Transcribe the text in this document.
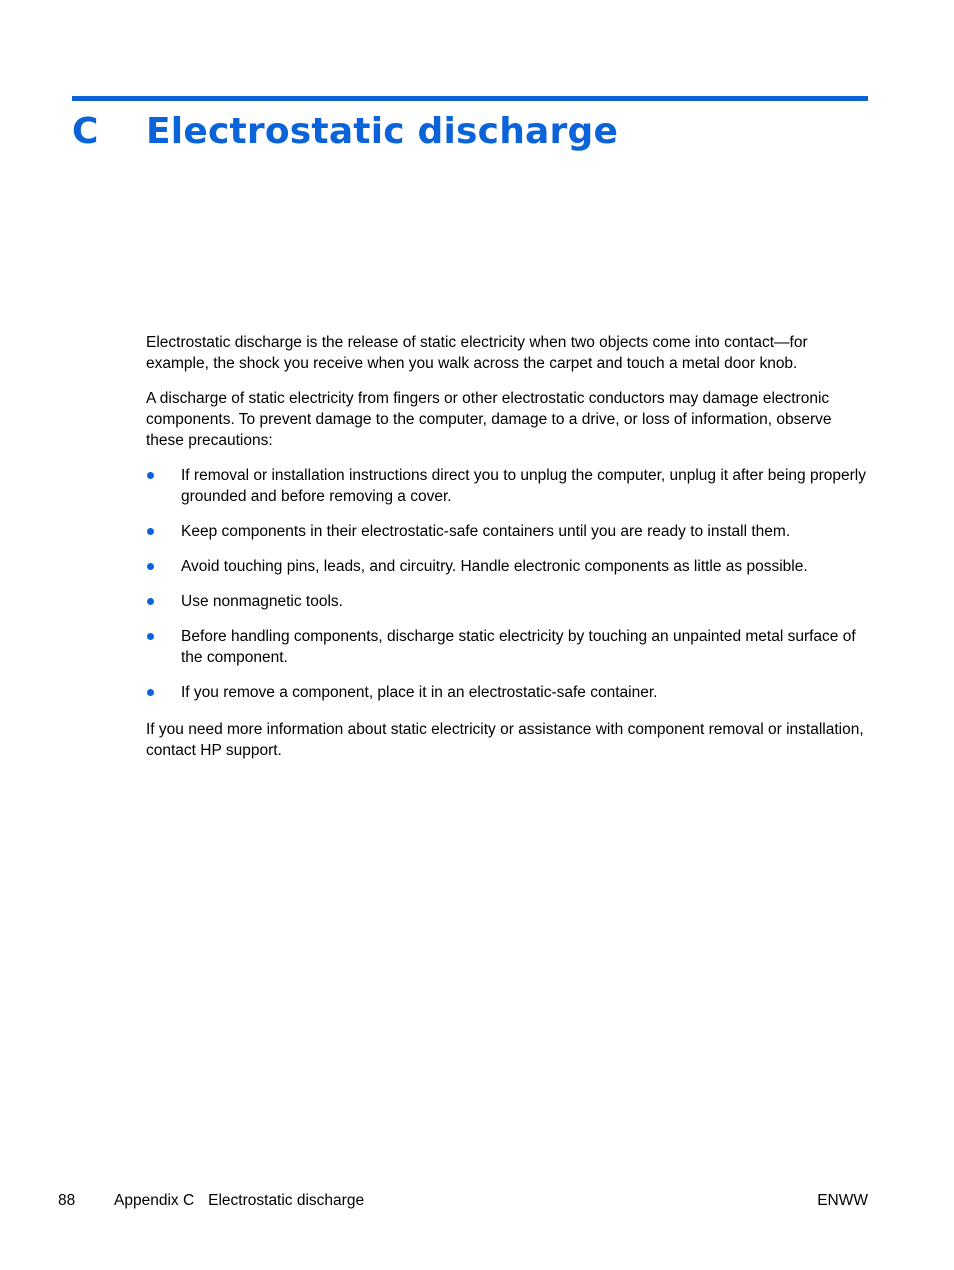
C Electrostatic discharge

Electrostatic discharge is the release of static electricity when two objects come into contact—for example, the shock you receive when you walk across the carpet and touch a metal door knob.

A discharge of static electricity from fingers or other electrostatic conductors may damage electronic components. To prevent damage to the computer, damage to a drive, or loss of information, observe these precautions:

If removal or installation instructions direct you to unplug the computer, unplug it after being properly grounded and before removing a cover.
Keep components in their electrostatic-safe containers until you are ready to install them.
Avoid touching pins, leads, and circuitry. Handle electronic components as little as possible.
Use nonmagnetic tools.
Before handling components, discharge static electricity by touching an unpainted metal surface of the component.
If you remove a component, place it in an electrostatic-safe container.

If you need more information about static electricity or assistance with component removal or installation, contact HP support.

88	Appendix C Electrostatic discharge	ENWW
